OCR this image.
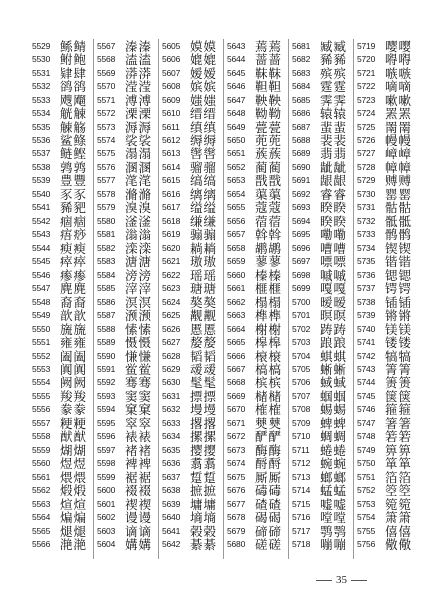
5529 鲧鲭
5530 鲋鲍
5531 肄肆
5532 鹆鹆
5533 飕飗
5534 觥觫
5535 觫觞
5536 鲨鲦
5537 鲢鲣
5538 鹑鹑
5539 豊豐
5540 豕豕
5541 豨豝
5542 痼痼
5543 痦痧
5544 瘐瘐
5545 瘁瘁
5546 瘆瘆
5547 麂麂
5548 裔裔
5549 歆歆
5550 旒旒
5551 雍雍
5552 阖阖
5553 阗阗
5554 阙阙
5555 羧羧
5556 豢豢
5557 粳粳
5558 猷猷
5559 煳煳
5560 煜煜
5561 煨煨
5562 煅煅
5563 煊煊
5564 煸煸
5565 煺煺
5566 滟滟
5567 溱溱
5568 溘溘
5569 漭漭
5570 滢滢
5571 溥溥
5572 溧溧
5573 溽溽
5574 裟裟
5575 溻溻
5576 溷溷
5577 滗滗
5578 滫滫
5579 溴溴
5580 滏滏
5581 滃滃
5582 滦滦
5583 溏溏
5584 滂滂
5585 滓滓
5586 溟溟
5587 滪滪
5588 愫愫
5589 慑慑
5590 慊慊
5591 鲎鲎
5592 骞骞
5593 窦窦
5594 窠窠
5595 窣窣
5596 裱裱
5597 褚褚
5598 裨裨
5599 裾裾
5600 裰裰
5601 禊禊
5602 谩谩
5603 谪谪
5604 媾媾
5605 嫫嫫
5606 媲媲
5607 嫒嫒
5608 嫔嫔
5609 媸媸
5610 缙缙
5611 缜缜
5612 缛缛
5613 辔辔
5614 骝骝
5615 缟缟
5616 缡缡
5617 缢缢
5618 缣缣
5619 骟骟
5620 耥耥
5621 璈璈
5622 瑶瑶
5623 瑭瑭
5624 獒獒
5625 觏觏
5626 慝慝
5627 嫠嫠
5628 韬韬
5629 叆叆
5630 髦髦
5631 摽摽
5632 墁墁
5633 撂撂
5634 摞摞
5635 撄撄
5636 翥翥
5637 踅踅
5638 摭摭
5639 墉墉
5640 墒墒
5641 榖榖
5642 綦綦
5643 蔫蔫
5644 蔷蔷
5645 靺靺
5646 靼靼
5647 鞅鞅
5648 靿靿
5649 甍甍
5650 蔸蔸
5651 蔟蔟
5652 蔺蔺
5653 戬戬
5654 蕖蕖
5655 蔻蔻
5656 蓿蓿
5657 斡斡
5658 鹕鹕
5659 蓼蓼
5660 榛榛
5661 榧榧
5662 榻榻
5663 榫榫
5664 榭榭
5665 槔槔
5666 榱榱
5667 槁槁
5668 槟槟
5669 槠槠
5670 榷榷
5671 僰僰
5672 酽酽
5673 酶酶
5674 酹酹
5675 厮厮
5676 碡碡
5677 碴碴
5678 碣碣
5679 碲碲
5680 磋磋
5681 臧臧
5682 豨豨
5683 殡殡
5684 霆霆
5685 霁霁
5686 辕辕
5687 蜚蜚
5688 裴裴
5689 翡翡
5690 龇龇
5691 龈龈
5692 睿睿
5693 睽睽
5694 睽睽
5695 嘞嘞
5696 嘈嘈
5697 嘌嘌
5698 嘁嘁
5699 嘎嘎
5700 暧暧
5701 暝暝
5702 踌踌
5703 踉踉
5704 蜞蜞
5705 蜥蜥
5706 蜮蜮
5707 蝈蝈
5708 蜴蜴
5709 蜱蜱
5710 蜩蜩
5711 蜷蜷
5712 蜿蜿
5713 螂螂
5714 蜢蜢
5715 嘘嘘
5716 嘡嘡
5717 鹗鹗
5718 嘣嘣
5719 嘤嘤
5720 嘚嘚
5721 嗾嗾
5722 嘀嘀
5723 嗽嗽
5724 罴罴
5725 罱罱
5726 幔幔
5727 嶂嶂
5728 幛幛
5729 赙赙
5730 罂罂
5731 骷骷
5732 骶骶
5733 鹘鹘
5734 锲锲
5735 锴锴
5736 锶锶
5737 锷锷
5738 锸锸
5739 锵锵
5740 镁镁
5741 镂镂
5742 犒犒
5743 箐箐
5744 箦箦
5745 箧箧
5746 箍箍
5747 箸箸
5748 箬箬
5749 箅箅
5750 箪箪
5751 箔箔
5752 箜箜
5753 箢箢
5754 箫箫
5755 僖僖
5756 儆儆
35
